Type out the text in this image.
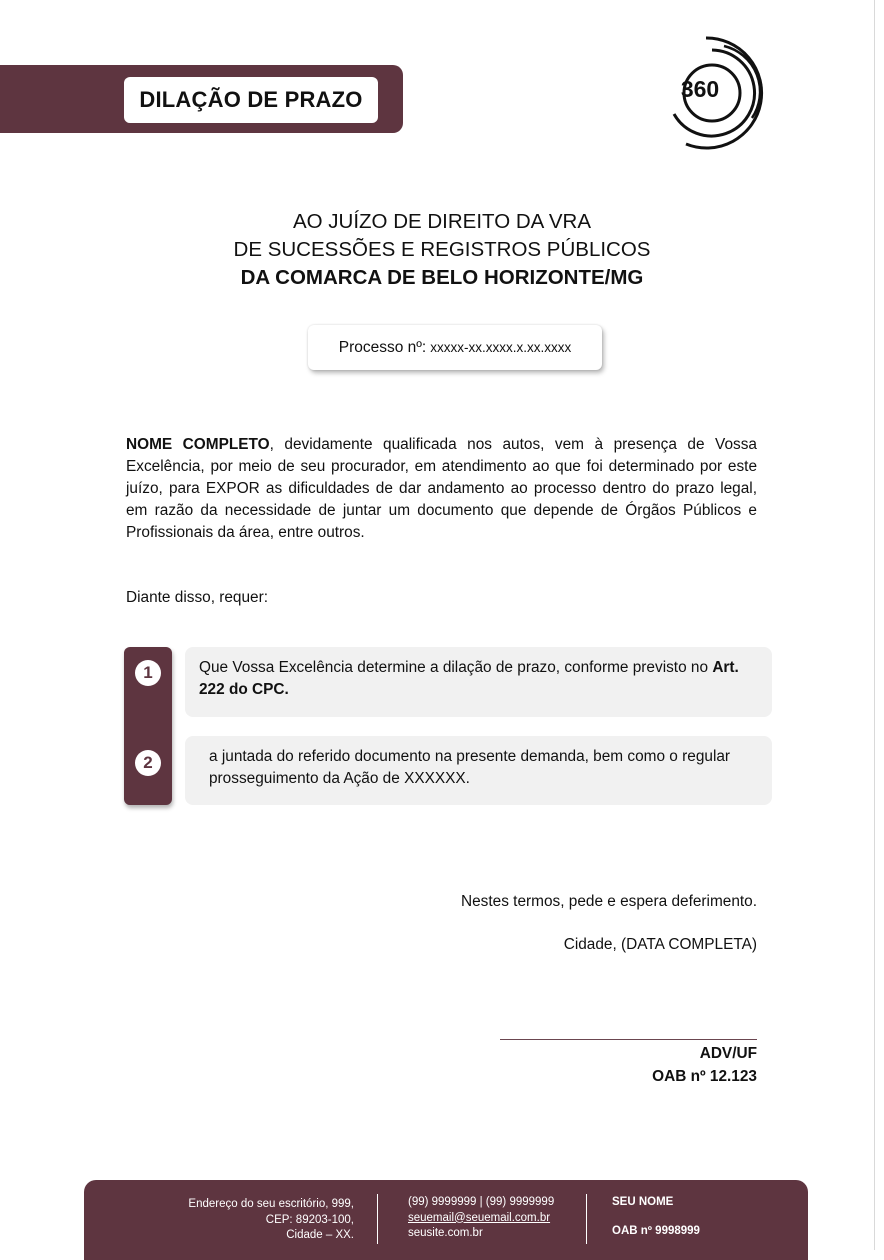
DILAÇÃO DE PRAZO	360
AO JUÍZO DE DIREITO DA VRA
DE SUCESSÕES E REGISTROS PÚBLICOS
DA COMARCA DE BELO HORIZONTE/MG
Processo nº: xxxxx-xx.xxxx.x.xx.xxxx
NOME COMPLETO, devidamente qualificada nos autos, vem à presença de Vossa Excelência, por meio de seu procurador, em atendimento ao que foi determinado por este juízo, para EXPOR as dificuldades de dar andamento ao processo dentro do prazo legal, em razão da necessidade de juntar um documento que depende de Órgãos Públicos e Profissionais da área, entre outros.
Diante disso, requer:
1
2
Que Vossa Excelência determine a dilação de prazo, conforme previsto no Art. 222 do CPC.
a juntada do referido documento na presente demanda, bem como o regular prosseguimento da Ação de XXXXXX.
Nestes termos, pede e espera deferimento.
Cidade, (DATA COMPLETA)
ADV/UF
OAB nº 12.123
Endereço do seu escritório, 999,
CEP: 89203-100,
Cidade – XX.
(99) 9999999 | (99) 9999999
seuemail@seuemail.com.br
seusite.com.br
SEU NOME
OAB nº 9998999
